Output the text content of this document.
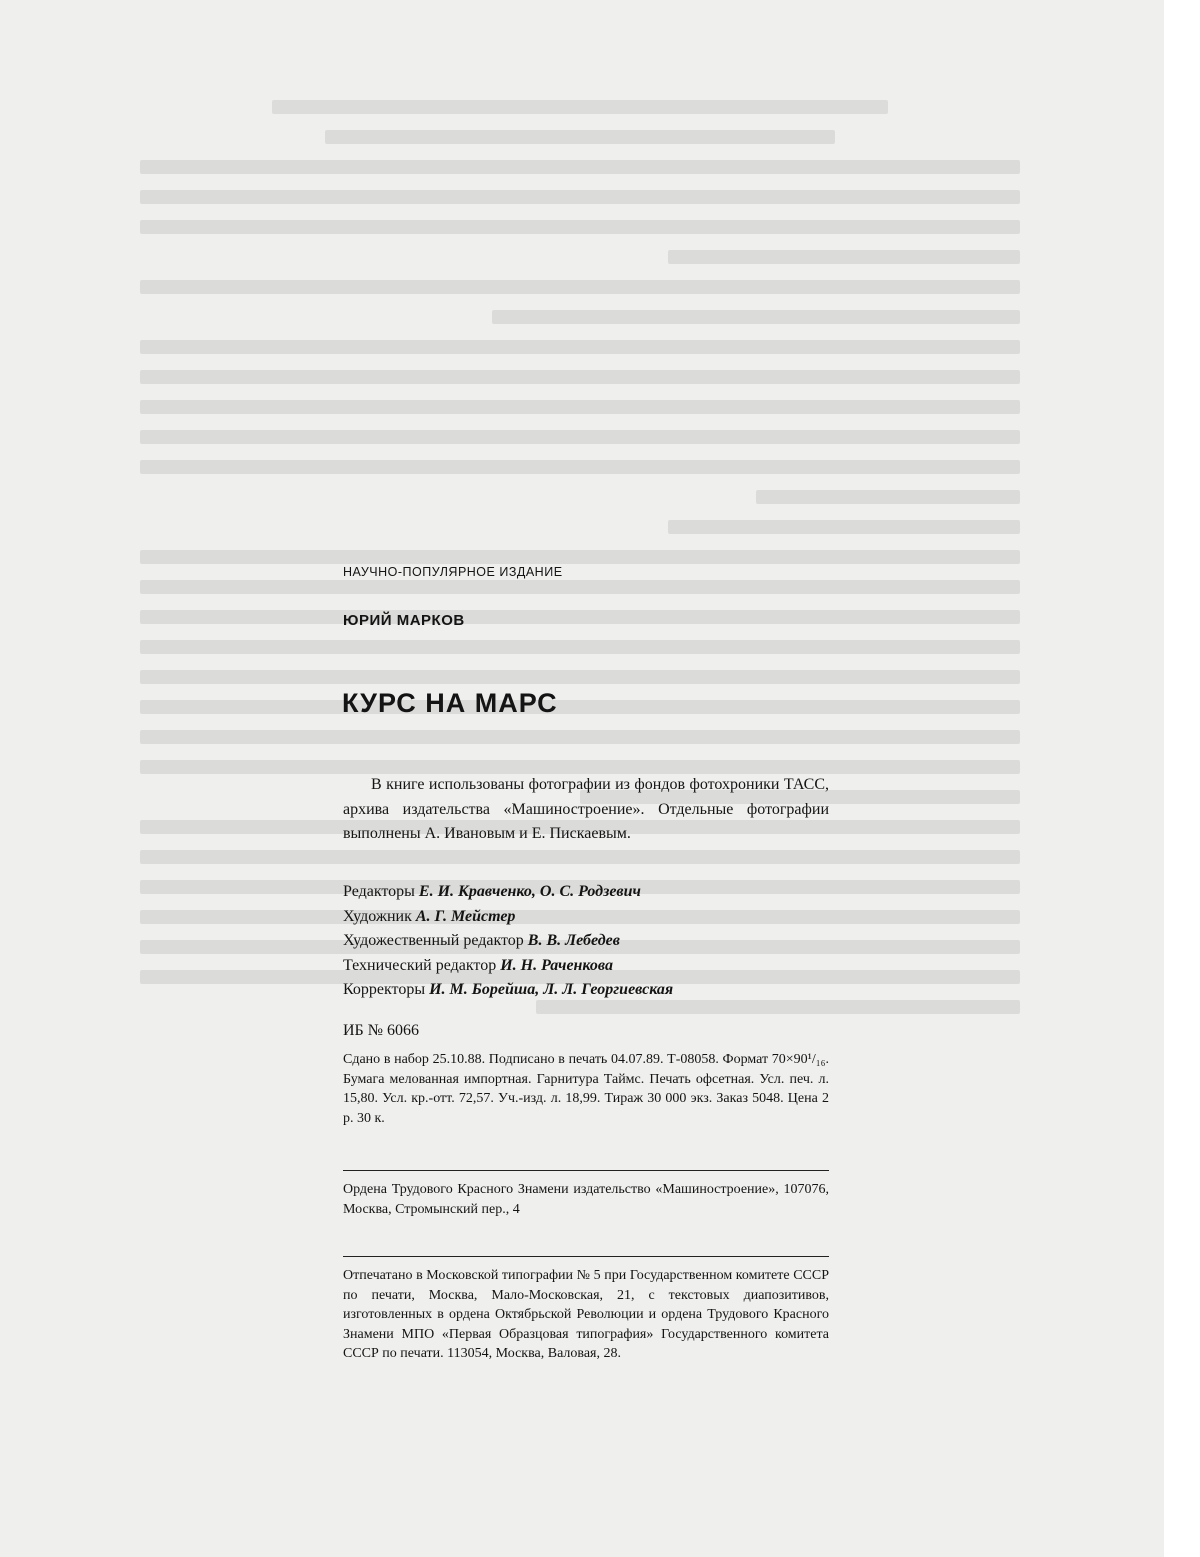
НАУЧНО-ПОПУЛЯРНОЕ ИЗДАНИЕ
ЮРИЙ МАРКОВ
КУРС НА МАРС
В книге использованы фотографии из фондов фотохроники ТАСС, архива издательства «Машиностроение». Отдельные фотографии выполнены А. Ивановым и Е. Пискаевым.
Редакторы Е. И. Кравченко, О. С. Родзевич
Художник А. Г. Мейстер
Художественный редактор В. В. Лебедев
Технический редактор И. Н. Раченкова
Корректоры И. М. Борейша, Л. Л. Георгиевская
ИБ № 6066
Сдано в набор 25.10.88. Подписано в печать 04.07.89. Т-08058. Формат 70×90¹/₁₆. Бумага мелованная импортная. Гарнитура Таймс. Печать офсетная. Усл. печ. л. 15,80. Усл. кр.-отт. 72,57. Уч.-изд. л. 18,99. Тираж 30 000 экз. Заказ 5048. Цена 2 р. 30 к.
Ордена Трудового Красного Знамени издательство «Машиностроение», 107076, Москва, Стромынский пер., 4
Отпечатано в Московской типографии № 5 при Государственном комитете СССР по печати, Москва, Мало-Московская, 21, с текстовых диапозитивов, изготовленных в ордена Октябрьской Революции и ордена Трудового Красного Знамени МПО «Первая Образцовая типография» Государственного комитета СССР по печати. 113054, Москва, Валовая, 28.
